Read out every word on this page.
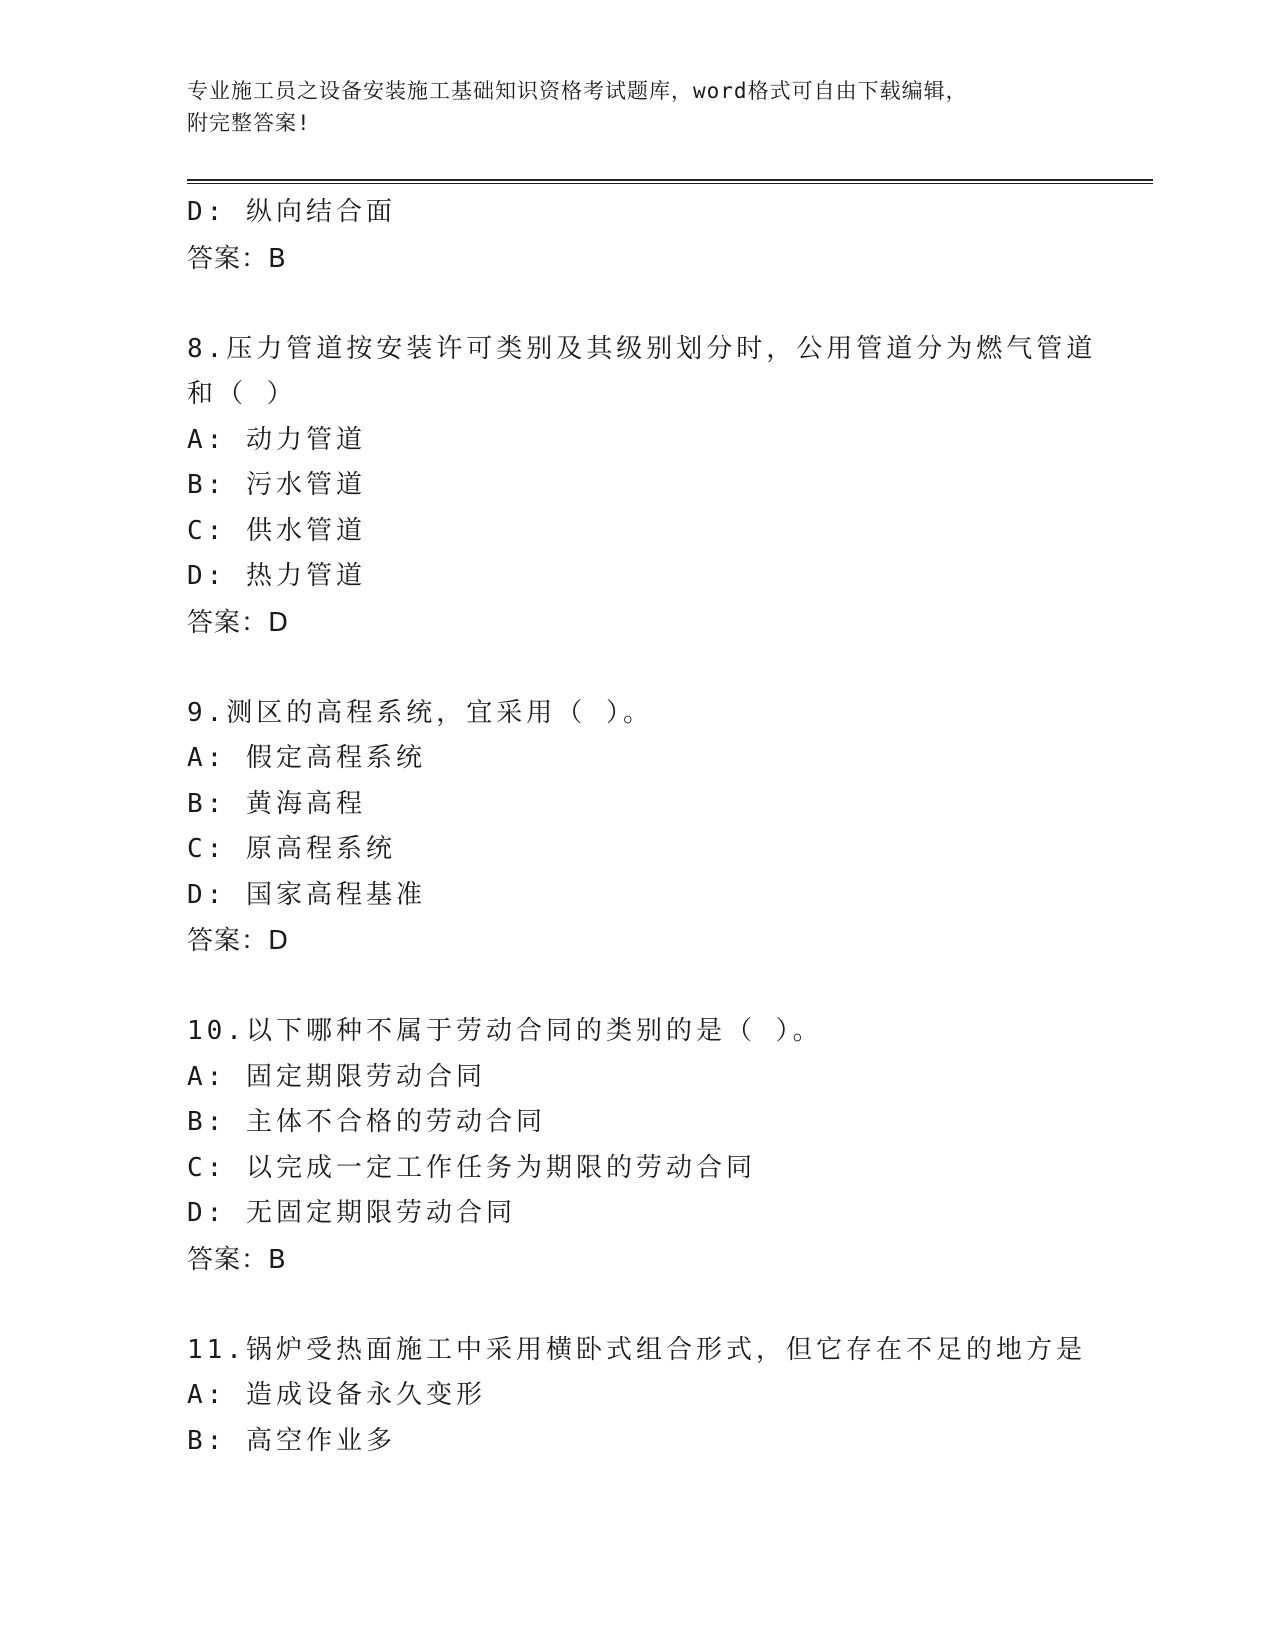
专业施工员之设备安装施工基础知识资格考试题库，word格式可自由下载编辑，
附完整答案!
D: 纵向结合面
答案：B
8.压力管道按安装许可类别及其级别划分时，公用管道分为燃气管道
和（ ）
A: 动力管道
B: 污水管道
C: 供水管道
D: 热力管道
答案：D
9.测区的高程系统，宜采用（ ）。
A: 假定高程系统
B: 黄海高程
C: 原高程系统
D: 国家高程基准
答案：D
10.以下哪种不属于劳动合同的类别的是（ ）。
A: 固定期限劳动合同
B: 主体不合格的劳动合同
C: 以完成一定工作任务为期限的劳动合同
D: 无固定期限劳动合同
答案：B
11.锅炉受热面施工中采用横卧式组合形式，但它存在不足的地方是
A: 造成设备永久变形
B: 高空作业多
